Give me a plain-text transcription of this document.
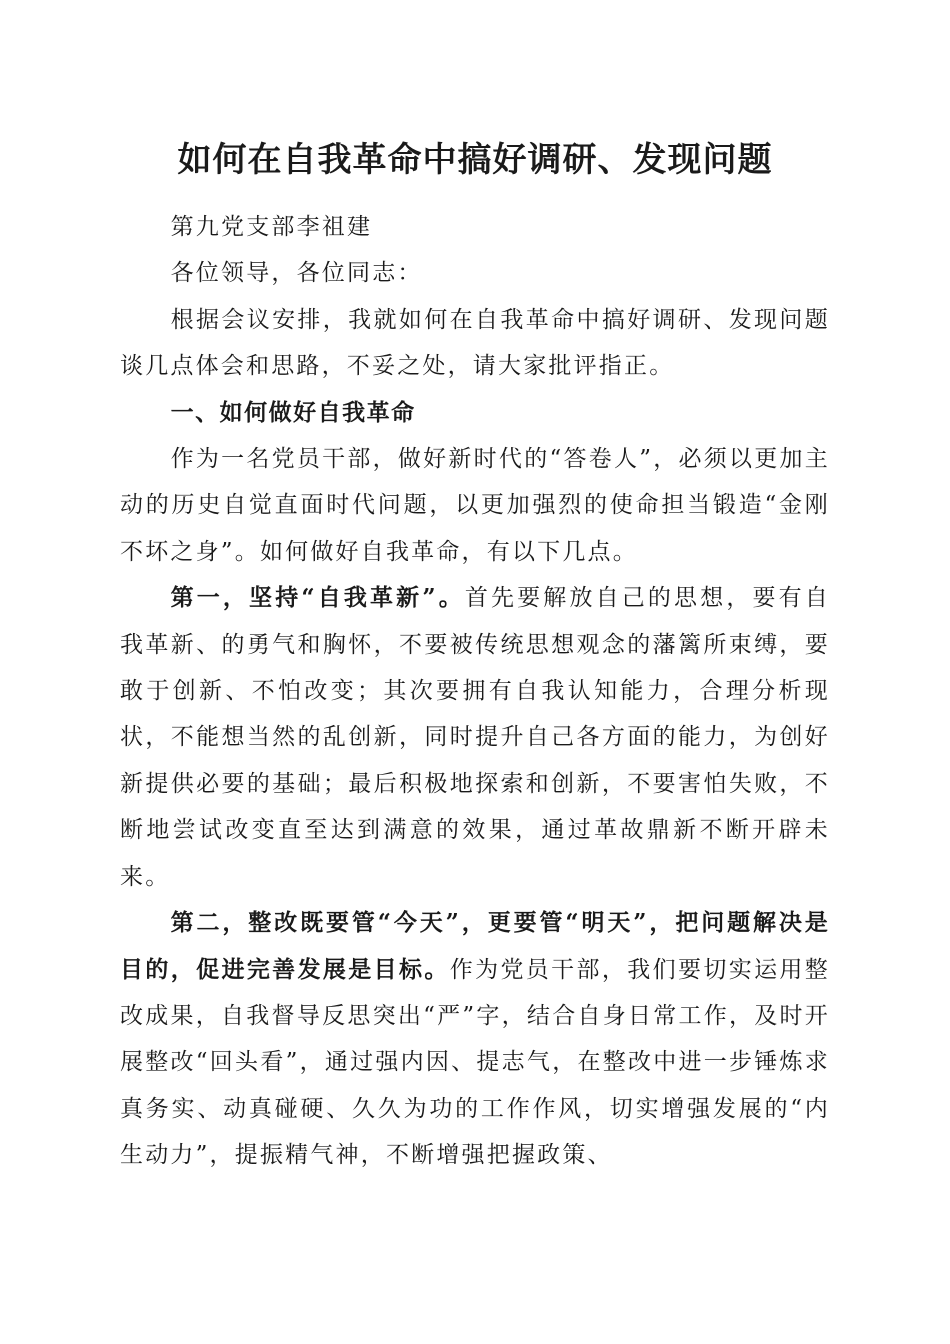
如何在自我革命中搞好调研、发现问题

第九党支部李祖建

各位领导，各位同志：

根据会议安排，我就如何在自我革命中搞好调研、发现问题谈几点体会和思路，不妥之处，请大家批评指正。

一、如何做好自我革命

作为一名党员干部，做好新时代的“答卷人”，必须以更加主动的历史自觉直面时代问题，以更加强烈的使命担当锻造“金刚不坏之身”。如何做好自我革命，有以下几点。

第一，坚持“自我革新”。首先要解放自己的思想，要有自我革新、的勇气和胸怀，不要被传统思想观念的藩篱所束缚，要敢于创新、不怕改变；其次要拥有自我认知能力，合理分析现状，不能想当然的乱创新，同时提升自己各方面的能力，为创好新提供必要的基础；最后积极地探索和创新，不要害怕失败，不断地尝试改变直至达到满意的效果，通过革故鼎新不断开辟未来。

第二，整改既要管“今天”，更要管“明天”，把问题解决是目的，促进完善发展是目标。作为党员干部，我们要切实运用整改成果，自我督导反思突出“严”字，结合自身日常工作，及时开展整改“回头看”，通过强内因、提志气，在整改中进一步锤炼求真务实、动真碰硬、久久为功的工作作风，切实增强发展的“内生动力”，提振精气神，不断增强把握政策、
